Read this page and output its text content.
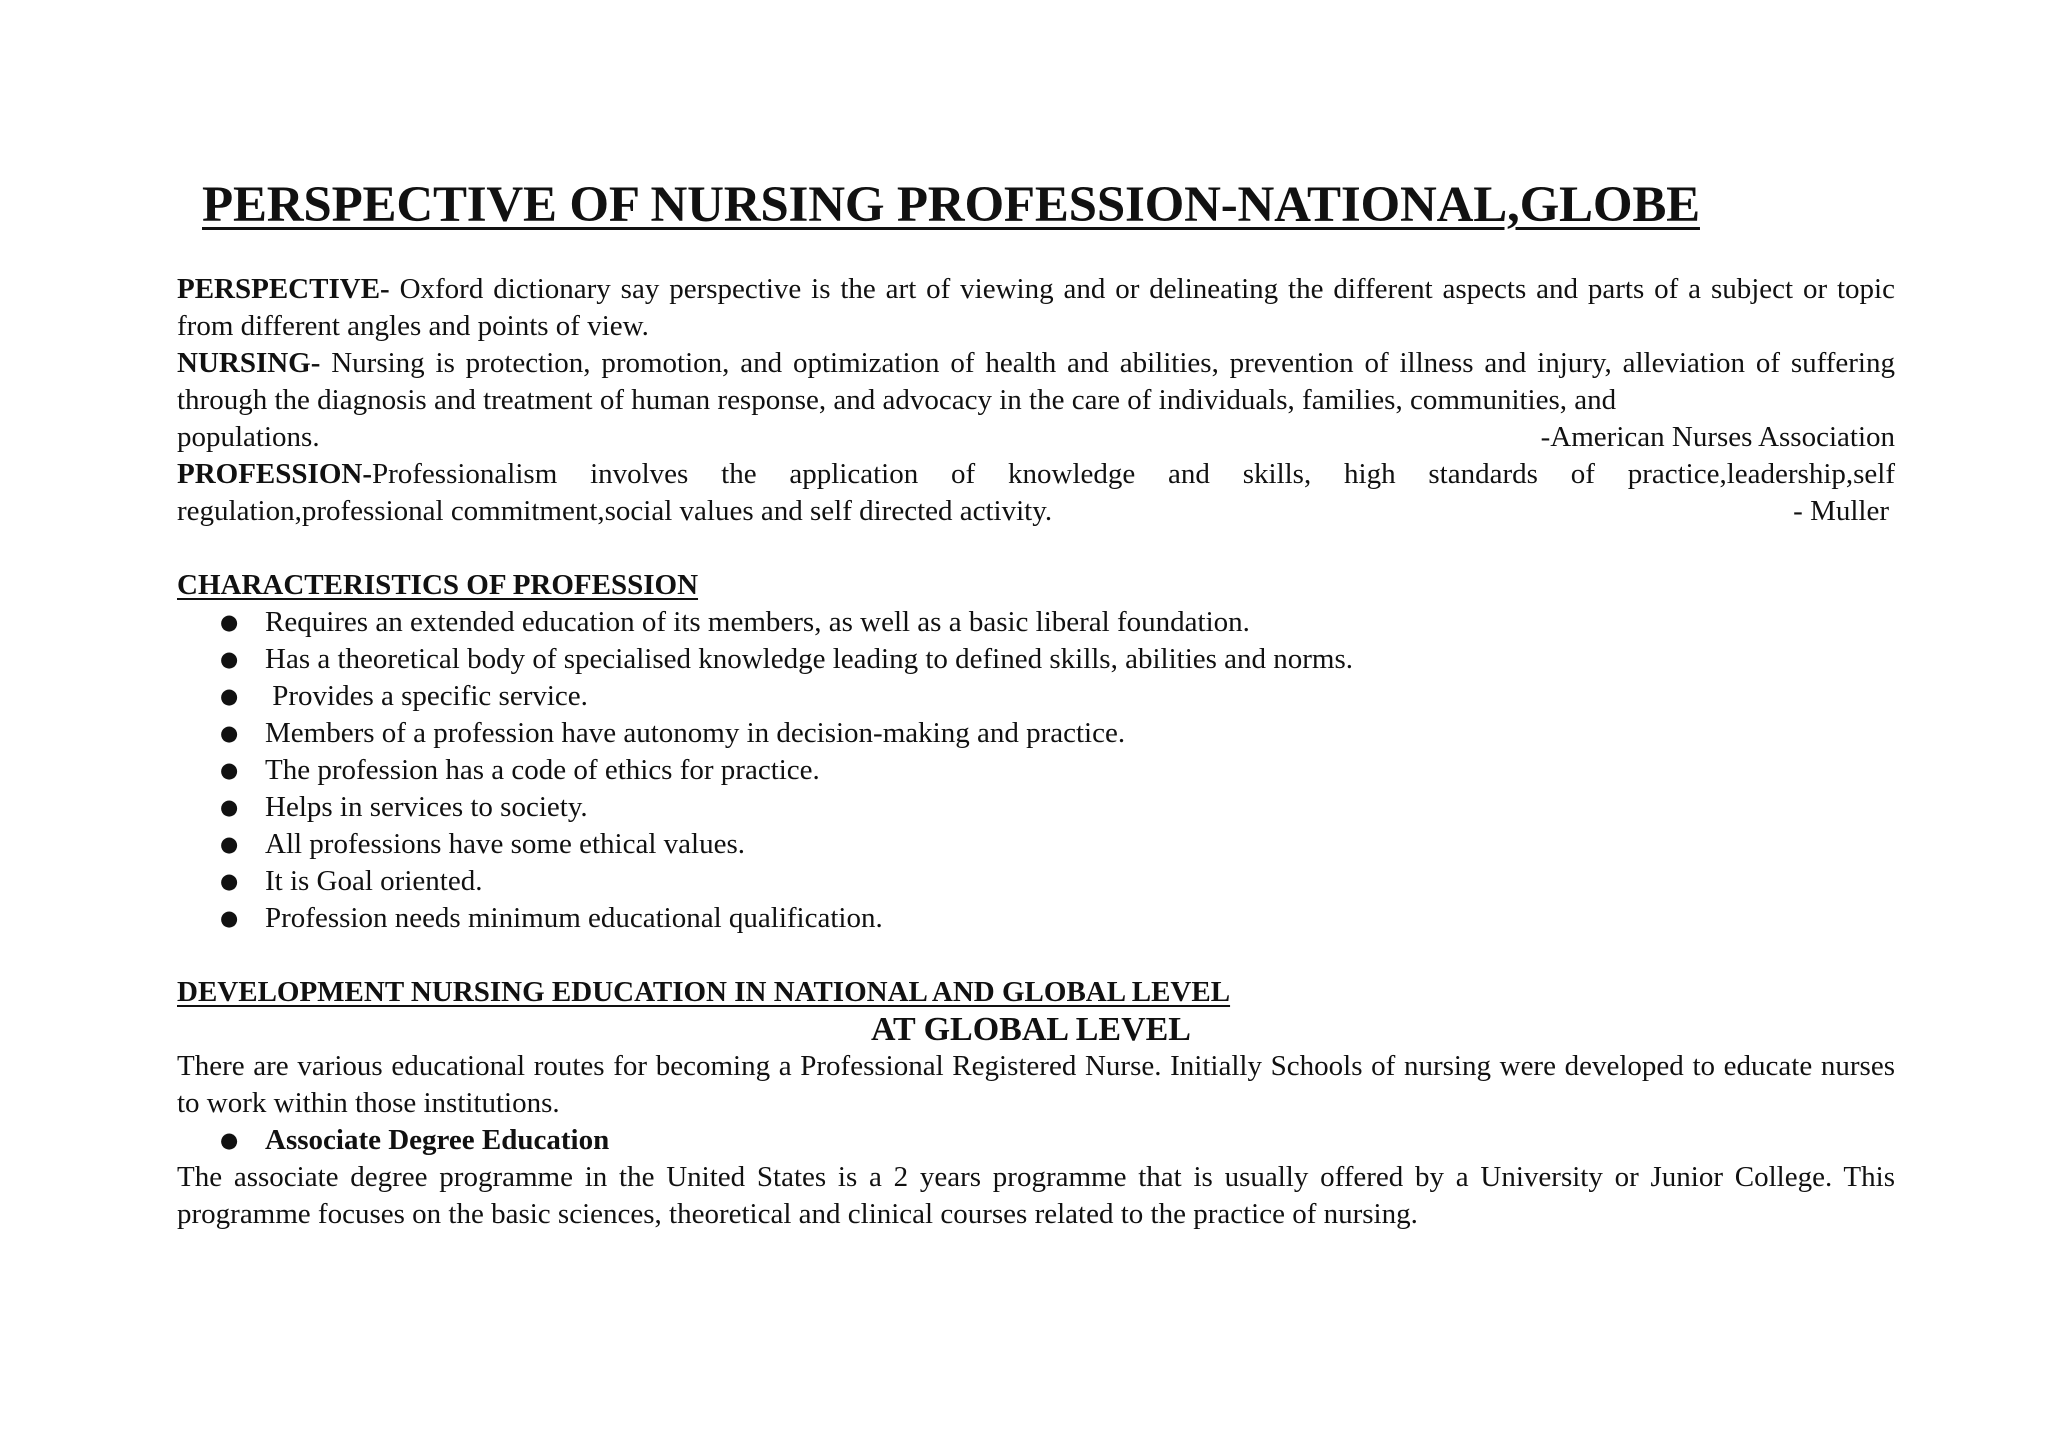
PERSPECTIVE OF NURSING PROFESSION-NATIONAL,GLOBE

PERSPECTIVE- Oxford dictionary say perspective is the art of viewing and or delineating the different aspects and parts of a subject or topic from different angles and points of view.

NURSING- Nursing is protection, promotion, and optimization of health and abilities, prevention of illness and injury, alleviation of suffering through the diagnosis and treatment of human response, and advocacy in the care of individuals, families, communities, and

populations.	-American Nurses Association

PROFESSION-Professionalism involves the application of knowledge and skills, high standards of practice,leadership,self

regulation,professional commitment,social values and self directed activity.	- Muller
CHARACTERISTICS OF PROFESSION
● Requires an extended education of its members, as well as a basic liberal foundation.
● Has a theoretical body of specialised knowledge leading to defined skills, abilities and norms.
●  Provides a specific service.
● Members of a profession have autonomy in decision-making and practice.
● The profession has a code of ethics for practice.
● Helps in services to society.
● All professions have some ethical values.
● It is Goal oriented.
● Profession needs minimum educational qualification.
DEVELOPMENT NURSING EDUCATION IN NATIONAL AND GLOBAL LEVEL
AT GLOBAL LEVEL

There are various educational routes for becoming a Professional Registered Nurse. Initially Schools of nursing were developed to educate nurses to work within those institutions.

● Associate Degree Education

The associate degree programme in the United States is a 2 years programme that is usually offered by a University or Junior College. This programme focuses on the basic sciences, theoretical and clinical courses related to the practice of nursing.
